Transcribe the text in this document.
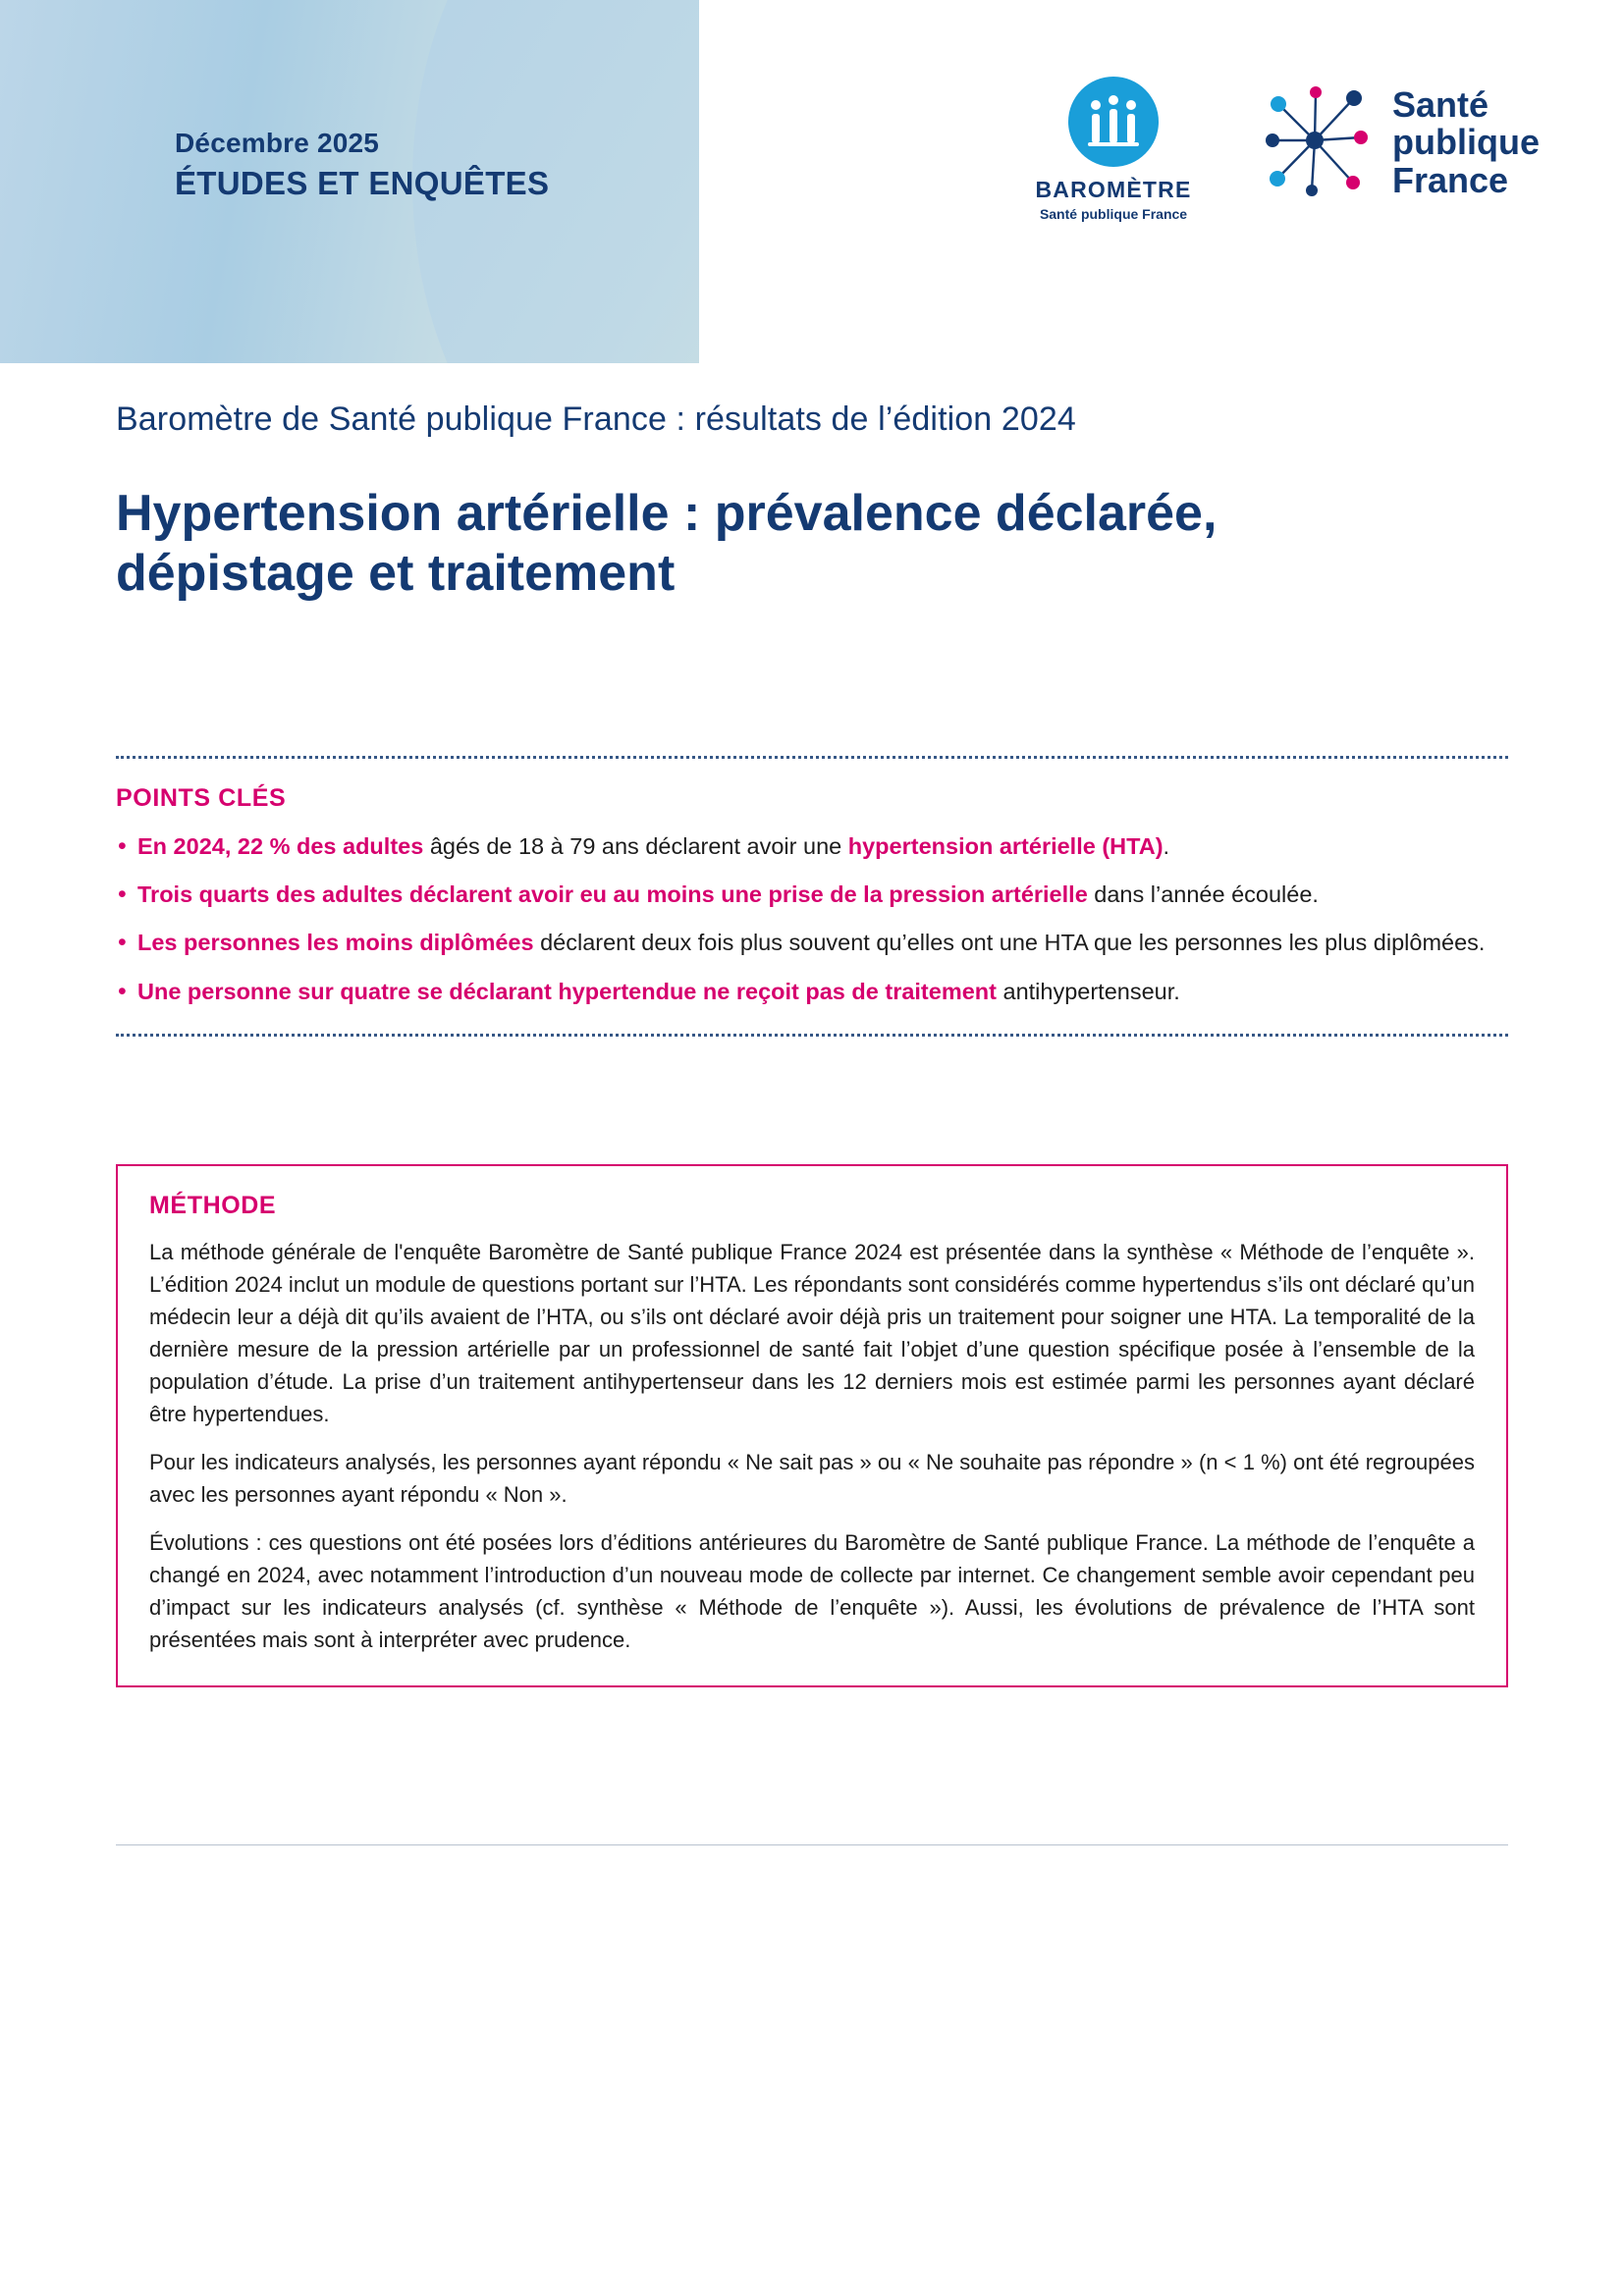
Décembre 2025
ÉTUDES ET ENQUÊTES	BAROMÈTRE
Santé publique France
Santé
publique
France
Baromètre de Santé publique France : résultats de l’édition 2024
Hypertension artérielle : prévalence déclarée, dépistage et traitement
POINTS CLÉS
• En 2024, 22 % des adultes âgés de 18 à 79 ans déclarent avoir une hypertension artérielle (HTA).
• Trois quarts des adultes déclarent avoir eu au moins une prise de la pression artérielle dans l’année écoulée.
• Les personnes les moins diplômées déclarent deux fois plus souvent qu’elles ont une HTA que les personnes les plus diplômées.
• Une personne sur quatre se déclarant hypertendue ne reçoit pas de traitement antihypertenseur.
MÉTHODE

La méthode générale de l'enquête Baromètre de Santé publique France 2024 est présentée dans la synthèse « Méthode de l’enquête ». L’édition 2024 inclut un module de questions portant sur l’HTA. Les répondants sont considérés comme hypertendus s’ils ont déclaré qu’un médecin leur a déjà dit qu’ils avaient de l’HTA, ou s’ils ont déclaré avoir déjà pris un traitement pour soigner une HTA. La temporalité de la dernière mesure de la pression artérielle par un professionnel de santé fait l’objet d’une question spécifique posée à l’ensemble de la population d’étude. La prise d’un traitement antihypertenseur dans les 12 derniers mois est estimée parmi les personnes ayant déclaré être hypertendues.

Pour les indicateurs analysés, les personnes ayant répondu « Ne sait pas » ou « Ne souhaite pas répondre » (n < 1 %) ont été regroupées avec les personnes ayant répondu « Non ».

Évolutions : ces questions ont été posées lors d’éditions antérieures du Baromètre de Santé publique France. La méthode de l’enquête a changé en 2024, avec notamment l’introduction d’un nouveau mode de collecte par internet. Ce changement semble avoir cependant peu d’impact sur les indicateurs analysés (cf. synthèse « Méthode de l’enquête »). Aussi, les évolutions de prévalence de l’HTA sont présentées mais sont à interpréter avec prudence.
